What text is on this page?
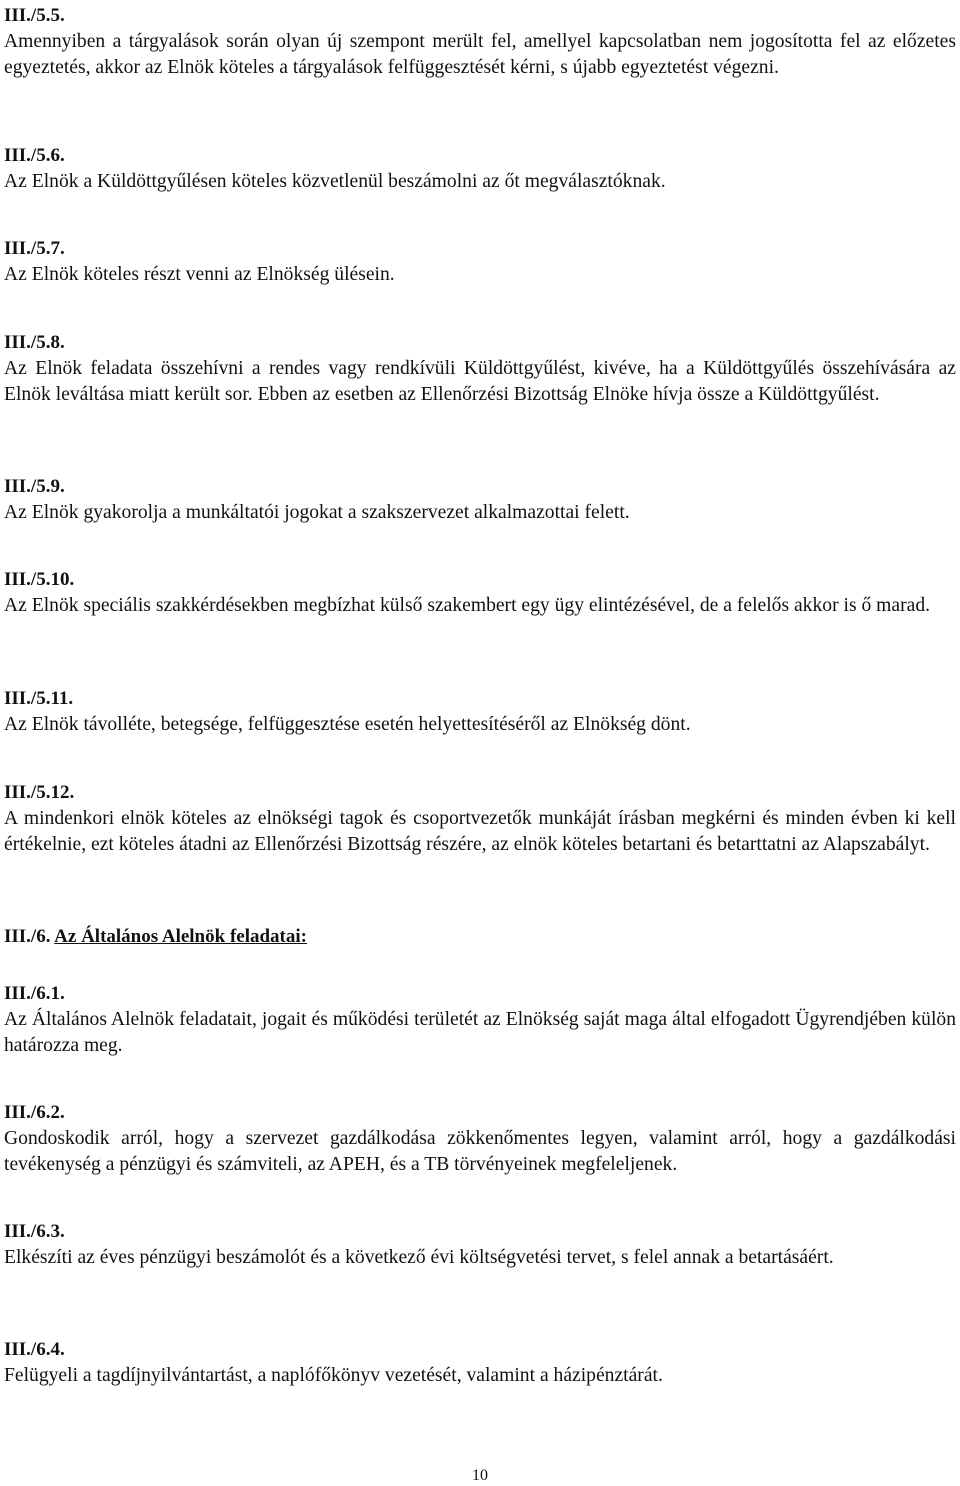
III./5.5.

Amennyiben a tárgyalások során olyan új szempont merült fel, amellyel kapcsolatban nem jogosította fel az előzetes egyeztetés, akkor az Elnök köteles a tárgyalások felfüggesztését kérni, s újabb egyeztetést végezni.

III./5.6.

Az Elnök a Küldöttgyűlésen köteles közvetlenül beszámolni az őt megválasztóknak.

III./5.7.

Az Elnök köteles részt venni az Elnökség ülésein.

III./5.8.

Az Elnök feladata összehívni a rendes vagy rendkívüli Küldöttgyűlést, kivéve, ha a Küldöttgyűlés összehívására az Elnök leváltása miatt került sor. Ebben az esetben az Ellenőrzési Bizottság Elnöke hívja össze a Küldöttgyűlést.

III./5.9.

Az Elnök gyakorolja a munkáltatói jogokat a szakszervezet alkalmazottai felett.

III./5.10.

Az Elnök speciális szakkérdésekben megbízhat külső szakembert egy ügy elintézésével, de a felelős akkor is ő marad.

III./5.11.

Az Elnök távolléte, betegsége, felfüggesztése esetén helyettesítéséről az Elnökség dönt.

III./5.12.

A mindenkori elnök köteles az elnökségi tagok és csoportvezetők munkáját írásban megkérni és minden évben ki kell értékelnie, ezt köteles átadni az Ellenőrzési Bizottság részére, az elnök köteles betartani és betarttatni az Alapszabályt.

III./6. Az Általános Alelnök feladatai:

III./6.1.

Az Általános Alelnök feladatait, jogait és működési területét az Elnökség saját maga által elfogadott Ügyrendjében külön határozza meg.

III./6.2.

Gondoskodik arról, hogy a szervezet gazdálkodása zökkenőmentes legyen, valamint arról, hogy a gazdálkodási tevékenység a pénzügyi és számviteli, az APEH, és a TB törvényeinek megfeleljenek.

III./6.3.

Elkészíti az éves pénzügyi beszámolót és a következő évi költségvetési tervet, s felel annak a betartásáért.

III./6.4.

Felügyeli a tagdíjnyilvántartást, a naplófőkönyv vezetését, valamint a házipénztárát.

10
